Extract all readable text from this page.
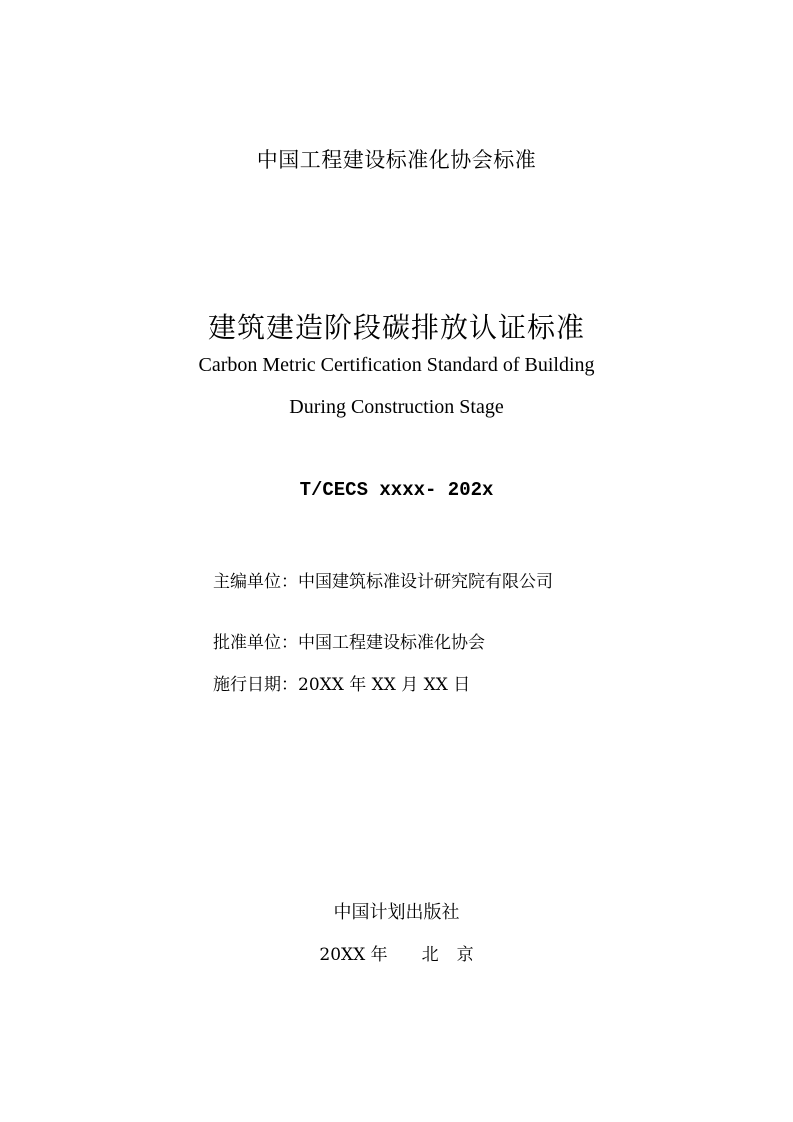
中国工程建设标准化协会标准
建筑建造阶段碳排放认证标准
Carbon Metric Certification Standard of Building
During Construction Stage
T/CECS xxxx- 202x
主编单位：中国建筑标准设计研究院有限公司
批准单位：中国工程建设标准化协会
施行日期：20XX 年 XX 月 XX 日
中国计划出版社
20XX 年 北京
